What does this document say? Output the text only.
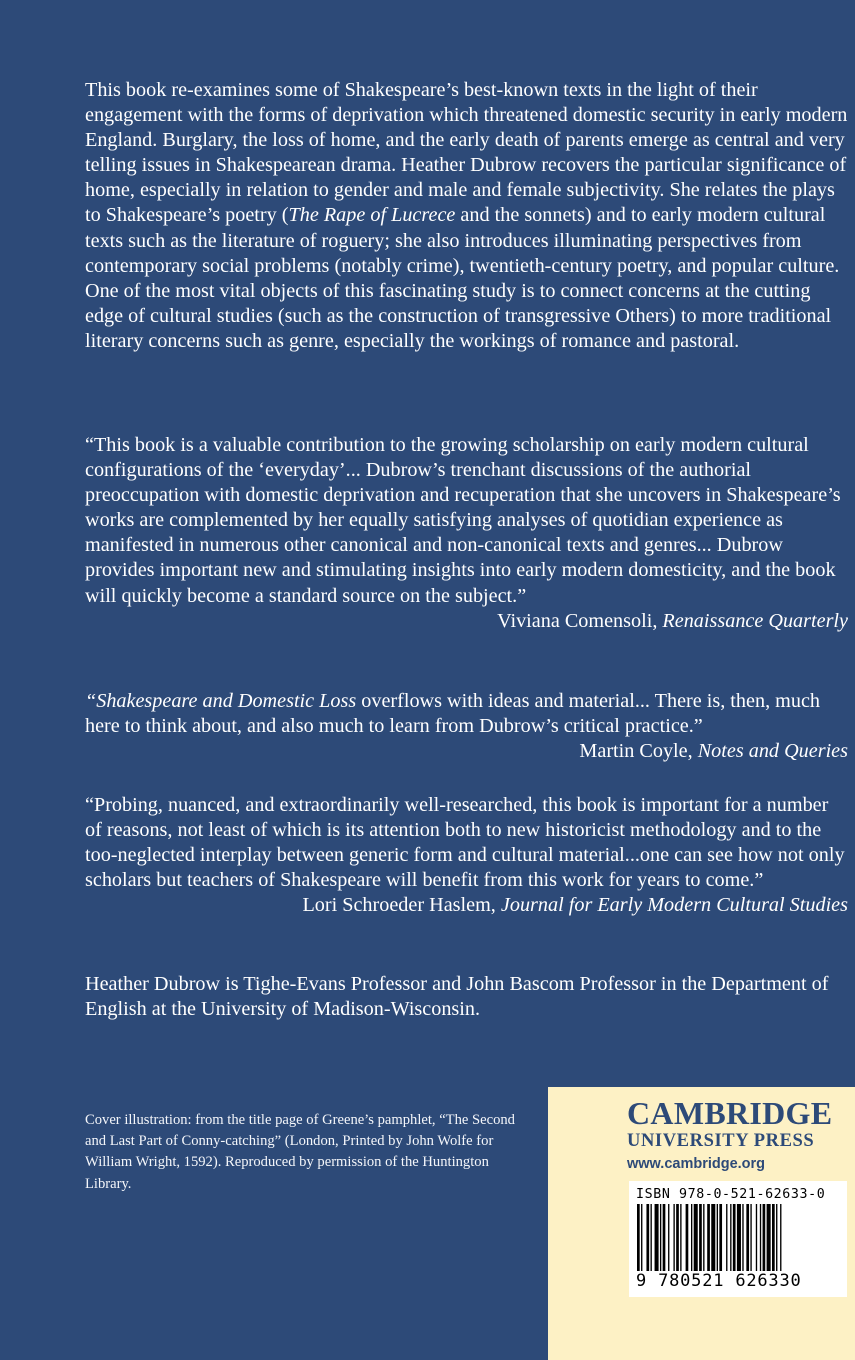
This book re-examines some of Shakespeare’s best-known texts in the light of their engagement with the forms of deprivation which threatened domestic security in early modern England. Burglary, the loss of home, and the early death of parents emerge as central and very telling issues in Shakespearean drama. Heather Dubrow recovers the particular significance of home, especially in relation to gender and male and female subjectivity. She relates the plays to Shakespeare’s poetry (The Rape of Lucrece and the sonnets) and to early modern cultural texts such as the literature of roguery; she also introduces illuminating perspectives from contemporary social problems (notably crime), twentieth-century poetry, and popular culture. One of the most vital objects of this fascinating study is to connect concerns at the cutting edge of cultural studies (such as the construction of transgressive Others) to more traditional literary concerns such as genre, especially the workings of romance and pastoral.

“This book is a valuable contribution to the growing scholarship on early modern cultural configurations of the ‘everyday’... Dubrow’s trenchant discussions of the authorial preoccupation with domestic deprivation and recuperation that she uncovers in Shakespeare’s works are complemented by her equally satisfying analyses of quotidian experience as manifested in numerous other canonical and non-canonical texts and genres... Dubrow provides important new and stimulating insights into early modern domesticity, and the book will quickly become a standard source on the subject.”

Viviana Comensoli, Renaissance Quarterly

“Shakespeare and Domestic Loss overflows with ideas and material... There is, then, much here to think about, and also much to learn from Dubrow’s critical practice.”

Martin Coyle, Notes and Queries

“Probing, nuanced, and extraordinarily well-researched, this book is important for a number of reasons, not least of which is its attention both to new historicist methodology and to the too-neglected interplay between generic form and cultural material...one can see how not only scholars but teachers of Shakespeare will benefit from this work for years to come.”

Lori Schroeder Haslem, Journal for Early Modern Cultural Studies

Heather Dubrow is Tighe-Evans Professor and John Bascom Professor in the Department of English at the University of Madison-Wisconsin.

Cover illustration: from the title page of Greene’s pamphlet, “The Second and Last Part of Conny-catching” (London, Printed by John Wolfe for William Wright, 1592). Reproduced by permission of the Huntington Library.

CAMBRIDGE
UNIVERSITY PRESS
www.cambridge.org
ISBN 978-0-521-62633-0
9 780521 626330
